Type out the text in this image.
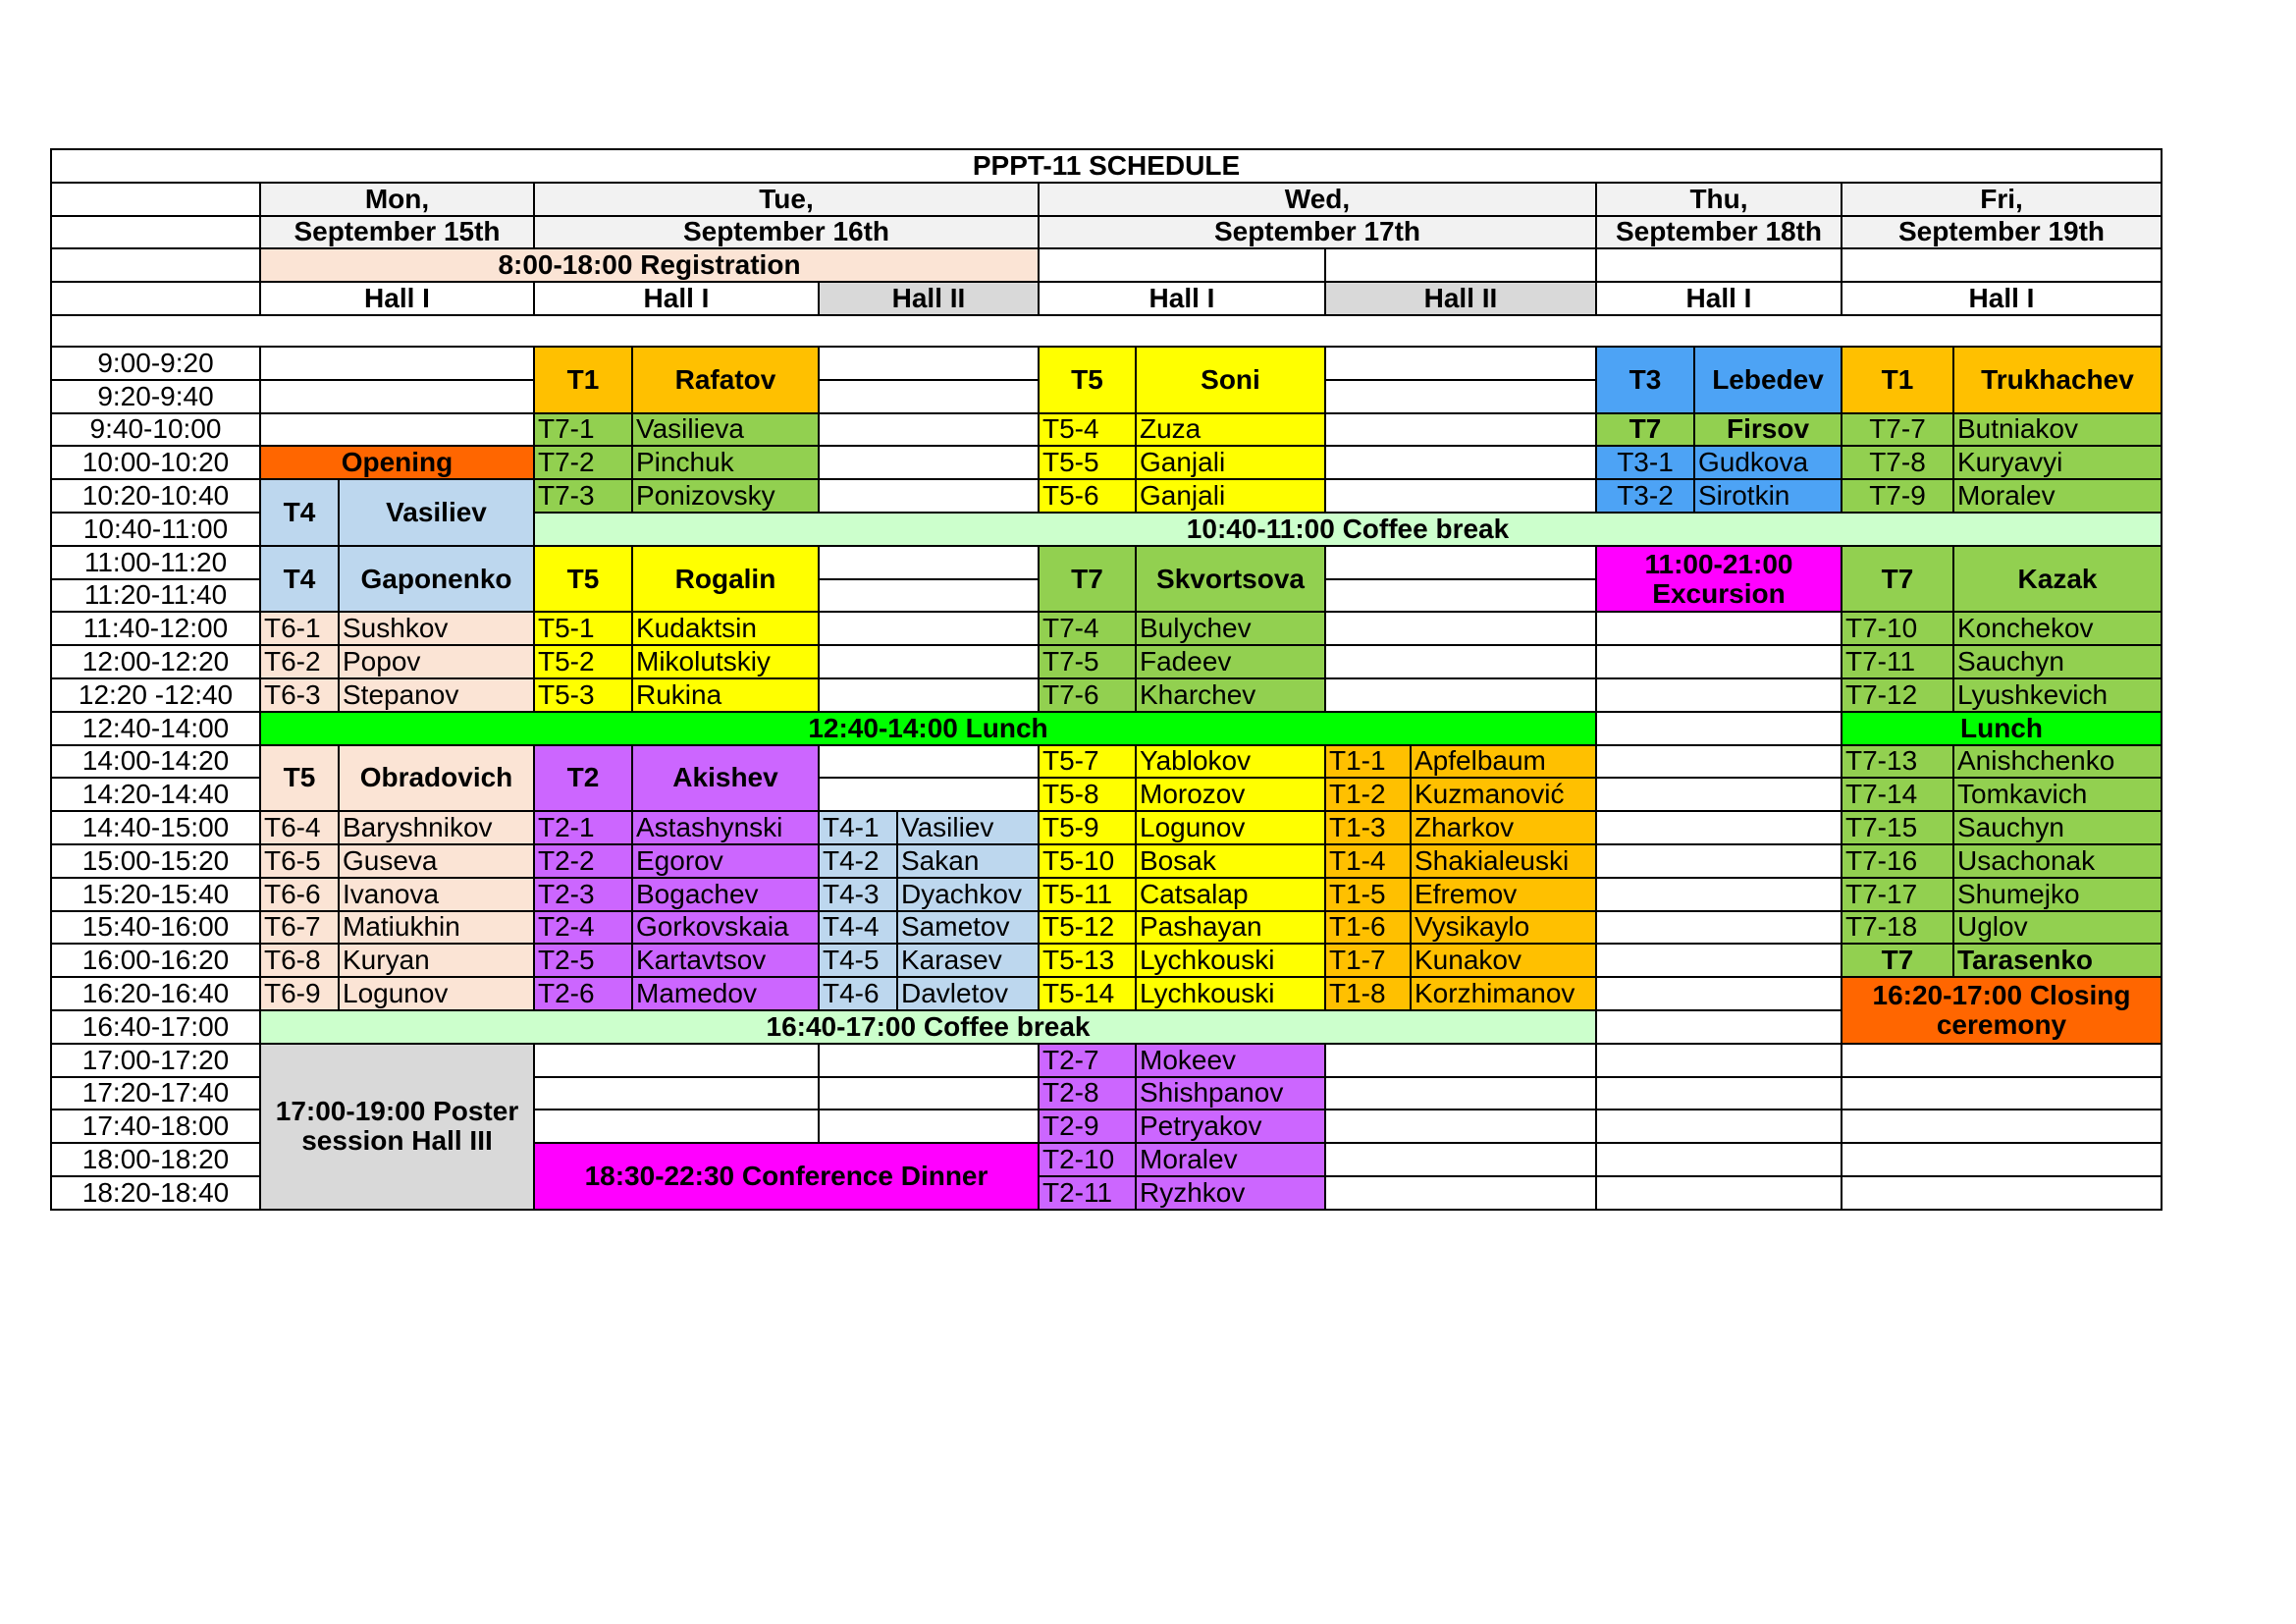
PPPT-11 SCHEDULE														
	Mon,		Tue,				Wed,				Thu,		Fri,	
	September 15th		September 16th				September 17th				September 18th		September 19th	
	8:00-18:00 Registration													
	Hall I		Hall I		Hall II		Hall I		Hall II		Hall I		Hall I	

9:00-9:20			T1	Rafatov			T5	Soni			T3	Lebedev	T1	Trukhachev
9:20-9:40														
9:40-10:00			T7-1	Vasilieva			T5-4	Zuza			T7	Firsov	T7-7	Butniakov
10:00-10:20	Opening		T7-2	Pinchuk			T5-5	Ganjali			T3-1	Gudkova	T7-8	Kuryavyi
10:20-10:40	T4	Vasiliev	T7-3	Ponizovsky			T5-6	Ganjali			T3-2	Sirotkin	T7-9	Moralev
10:40-11:00			10:40-11:00 Coffee break											
11:00-11:20	T4	Gaponenko	T5	Rogalin			T7	Skvortsova			11:00-21:00 Excursion		T7	Kazak
11:20-11:40														
11:40-12:00	T6-1	Sushkov	T5-1	Kudaktsin			T7-4	Bulychev					T7-10	Konchekov
12:00-12:20	T6-2	Popov	T5-2	Mikolutskiy			T7-5	Fadeev					T7-11	Sauchyn
12:20 -12:40	T6-3	Stepanov	T5-3	Rukina			T7-6	Kharchev					T7-12	Lyushkevich
12:40-14:00	12:40-14:00 Lunch												Lunch	
14:00-14:20	T5	Obradovich	T2	Akishev			T5-7	Yablokov	T1-1	Apfelbaum			T7-13	Anishchenko
14:20-14:40							T5-8	Morozov	T1-2	Kuzmanović			T7-14	Tomkavich
14:40-15:00	T6-4	Baryshnikov	T2-1	Astashynski	T4-1	Vasiliev	T5-9	Logunov	T1-3	Zharkov			T7-15	Sauchyn
15:00-15:20	T6-5	Guseva	T2-2	Egorov	T4-2	Sakan	T5-10	Bosak	T1-4	Shakialeuski			T7-16	Usachonak
15:20-15:40	T6-6	Ivanova	T2-3	Bogachev	T4-3	Dyachkov	T5-11	Catsalap	T1-5	Efremov			T7-17	Shumejko
15:40-16:00	T6-7	Matiukhin	T2-4	Gorkovskaia	T4-4	Sametov	T5-12	Pashayan	T1-6	Vysikaylo			T7-18	Uglov
16:00-16:20	T6-8	Kuryan	T2-5	Kartavtsov	T4-5	Karasev	T5-13	Lychkouski	T1-7	Kunakov			T7	Tarasenko
16:20-16:40	T6-9	Logunov	T2-6	Mamedov	T4-6	Davletov	T5-14	Lychkouski	T1-8	Korzhimanov			16:20-17:00 Closing ceremony	
16:40-17:00	16:40-17:00 Coffee break													
17:00-17:20	17:00-19:00 Poster session Hall III						T2-7	Mokeev						
17:20-17:40							T2-8	Shishpanov						
17:40-18:00							T2-9	Petryakov						
18:00-18:20			18:30-22:30 Conference Dinner				T2-10	Moralev						
18:20-18:40							T2-11	Ryzhkov						
